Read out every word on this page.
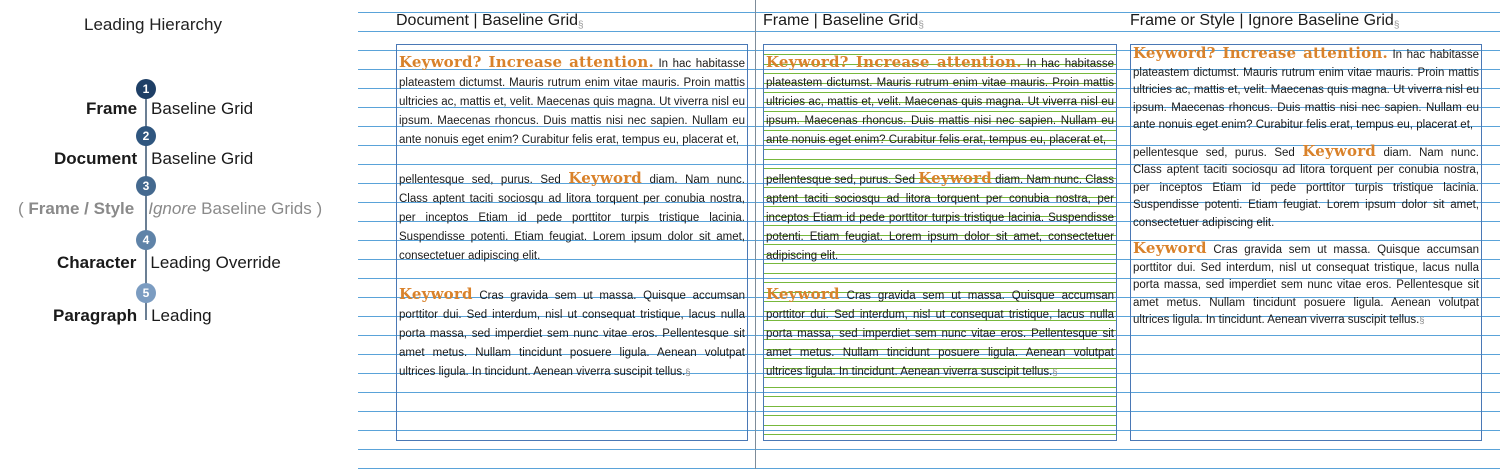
Leading Hierarchy
1
2
3
4
5
Frame Baseline Grid
Document Baseline Grid
( Frame / Style Ignore Baseline Grids )
Character Leading Override
Paragraph Leading
Document | Baseline Grid§	Frame | Baseline Grid§	Frame or Style | Ignore Baseline Grid§

Keyword? Increase attention. In hac habitasse plateastem dictumst. Mauris rutrum enim vitae mauris. Proin mattis ultricies ac, mattis et, velit. Maecenas quis magna. Ut viverra nisl eu ipsum. Maecenas rhoncus. Duis mattis nisi nec sapien. Nullam eu ante nonuis eget enim? Curabitur felis erat, tempus eu, placerat et,

pellentesque sed, purus. Sed Keyword diam. Nam nunc. Class aptent taciti sociosqu ad litora torquent per conubia nostra, per inceptos Etiam id pede porttitor turpis tristique lacinia. Suspendisse potenti. Etiam feugiat. Lorem ipsum dolor sit amet, consectetuer adipiscing elit.

Keyword Cras gravida sem ut massa. Quisque accumsan porttitor dui. Sed interdum, nisl ut consequat tristique, lacus nulla porta massa, sed imperdiet sem nunc vitae eros. Pellentesque sit amet metus. Nullam tincidunt posuere ligula. Aenean volutpat ultrices ligula. In tincidunt. Aenean viverra suscipit tellus.§

Keyword? Increase attention. In hac habitasse plateastem dictumst. Mauris rutrum enim vitae mauris. Proin mattis ultricies ac, mattis et, velit. Maecenas quis magna. Ut viverra nisl eu ipsum. Maecenas rhoncus. Duis mattis nisi nec sapien. Nullam eu ante nonuis eget enim? Curabitur felis erat, tempus eu, placerat et,

pellentesque sed, purus. Sed Keyword diam. Nam nunc. Class aptent taciti sociosqu ad litora torquent per conubia nostra, per inceptos Etiam id pede porttitor turpis tristique lacinia. Suspendisse potenti. Etiam feugiat. Lorem ipsum dolor sit amet, consectetuer adipiscing elit.

Keyword Cras gravida sem ut massa. Quisque accumsan porttitor dui. Sed interdum, nisl ut consequat tristique, lacus nulla porta massa, sed imperdiet sem nunc vitae eros. Pellentesque sit amet metus. Nullam tincidunt posuere ligula. Aenean volutpat ultrices ligula. In tincidunt. Aenean viverra suscipit tellus.§

Keyword? Increase attention. In hac habitasse plateastem dictumst. Mauris rutrum enim vitae mauris. Proin mattis ultricies ac, mattis et, velit. Maecenas quis magna. Ut viverra nisl eu ipsum. Maecenas rhoncus. Duis mattis nisi nec sapien. Nullam eu ante nonuis eget enim? Curabitur felis erat, tempus eu, placerat et,

pellentesque sed, purus. Sed Keyword diam. Nam nunc. Class aptent taciti sociosqu ad litora torquent per conubia nostra, per inceptos Etiam id pede porttitor turpis tristique lacinia. Suspendisse potenti. Etiam feugiat. Lorem ipsum dolor sit amet, consectetuer adipiscing elit.

Keyword Cras gravida sem ut massa. Quisque accumsan porttitor dui. Sed interdum, nisl ut consequat tristique, lacus nulla porta massa, sed imperdiet sem nunc vitae eros. Pellentesque sit amet metus. Nullam tincidunt posuere ligula. Aenean volutpat ultrices ligula. In tincidunt. Aenean viverra suscipit tellus.§
